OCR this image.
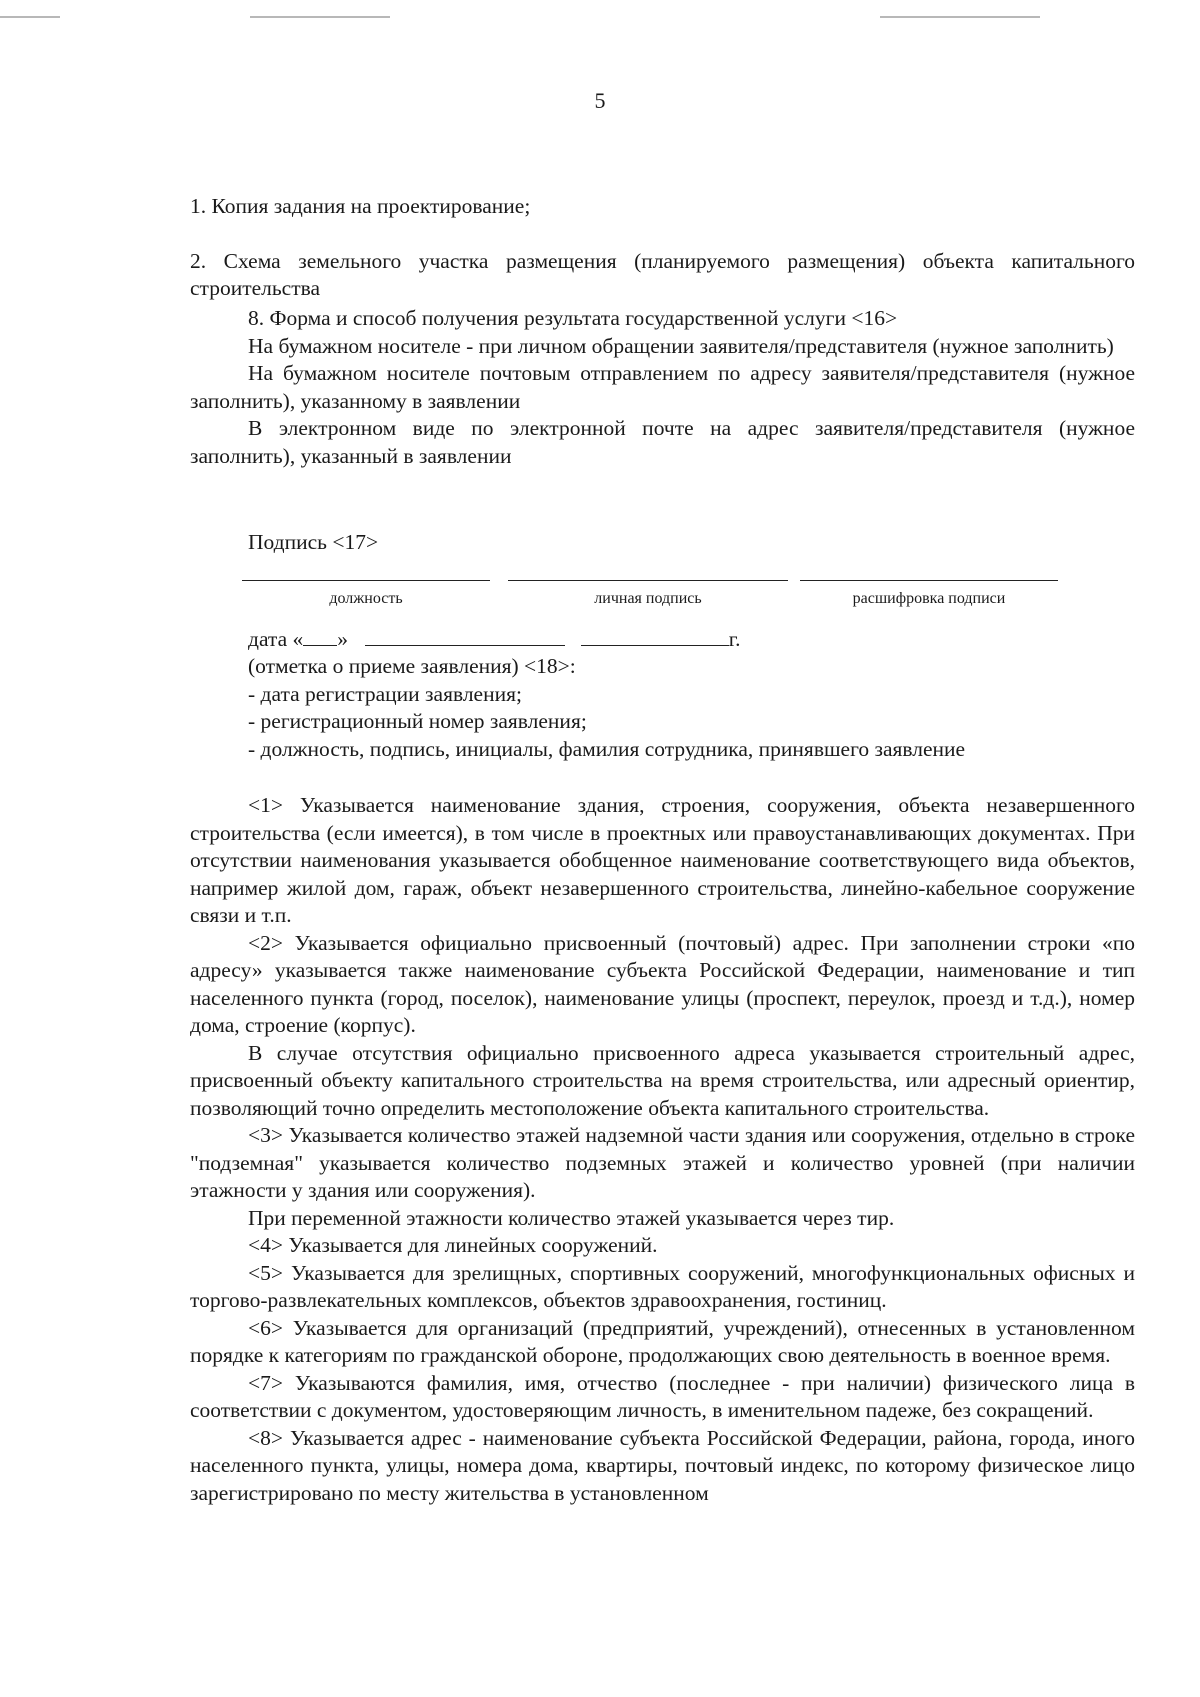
5

1. Копия задания на проектирование;

2. Схема земельного участка размещения (планируемого размещения) объекта капитального строительства

8. Форма и способ получения результата государственной услуги <16>

На бумажном носителе - при личном обращении заявителя/представителя (нужное заполнить)

На бумажном носителе почтовым отправлением по адресу заявителя/представителя (нужное заполнить), указанному в заявлении

В электронном виде по электронной почте на адрес заявителя/представителя (нужное заполнить), указанный в заявлении

Подпись <17>
должность	личная подпись	расшифровка подписи
дата « »	г.

(отметка о приеме заявления) <18>:

- дата регистрации заявления;

- регистрационный номер заявления;

- должность, подпись, инициалы, фамилия сотрудника, принявшего заявление

<1> Указывается наименование здания, строения, сооружения, объекта незавершенного строительства (если имеется), в том числе в проектных или правоустанавливающих документах. При отсутствии наименования указывается обобщенное наименование соответствующего вида объектов, например жилой дом, гараж, объект незавершенного строительства, линейно-кабельное сооружение связи и т.п.

<2> Указывается официально присвоенный (почтовый) адрес. При заполнении строки «по адресу» указывается также наименование субъекта Российской Федерации, наименование и тип населенного пункта (город, поселок), наименование улицы (проспект, переулок, проезд и т.д.), номер дома, строение (корпус).

В случае отсутствия официально присвоенного адреса указывается строительный адрес, присвоенный объекту капитального строительства на время строительства, или адресный ориентир, позволяющий точно определить местоположение объекта капитального строительства.

<3> Указывается количество этажей надземной части здания или сооружения, отдельно в строке "подземная" указывается количество подземных этажей и количество уровней (при наличии этажности у здания или сооружения).

При переменной этажности количество этажей указывается через тир.

<4> Указывается для линейных сооружений.

<5> Указывается для зрелищных, спортивных сооружений, многофункциональных офисных и торгово-развлекательных комплексов, объектов здравоохранения, гостиниц.

<6> Указывается для организаций (предприятий, учреждений), отнесенных в установленном порядке к категориям по гражданской обороне, продолжающих свою деятельность в военное время.

<7> Указываются фамилия, имя, отчество (последнее - при наличии) физического лица в соответствии с документом, удостоверяющим личность, в именительном падеже, без сокращений.

<8> Указывается адрес - наименование субъекта Российской Федерации, района, города, иного населенного пункта, улицы, номера дома, квартиры, почтовый индекс, по которому физическое лицо зарегистрировано по месту жительства в установленном
